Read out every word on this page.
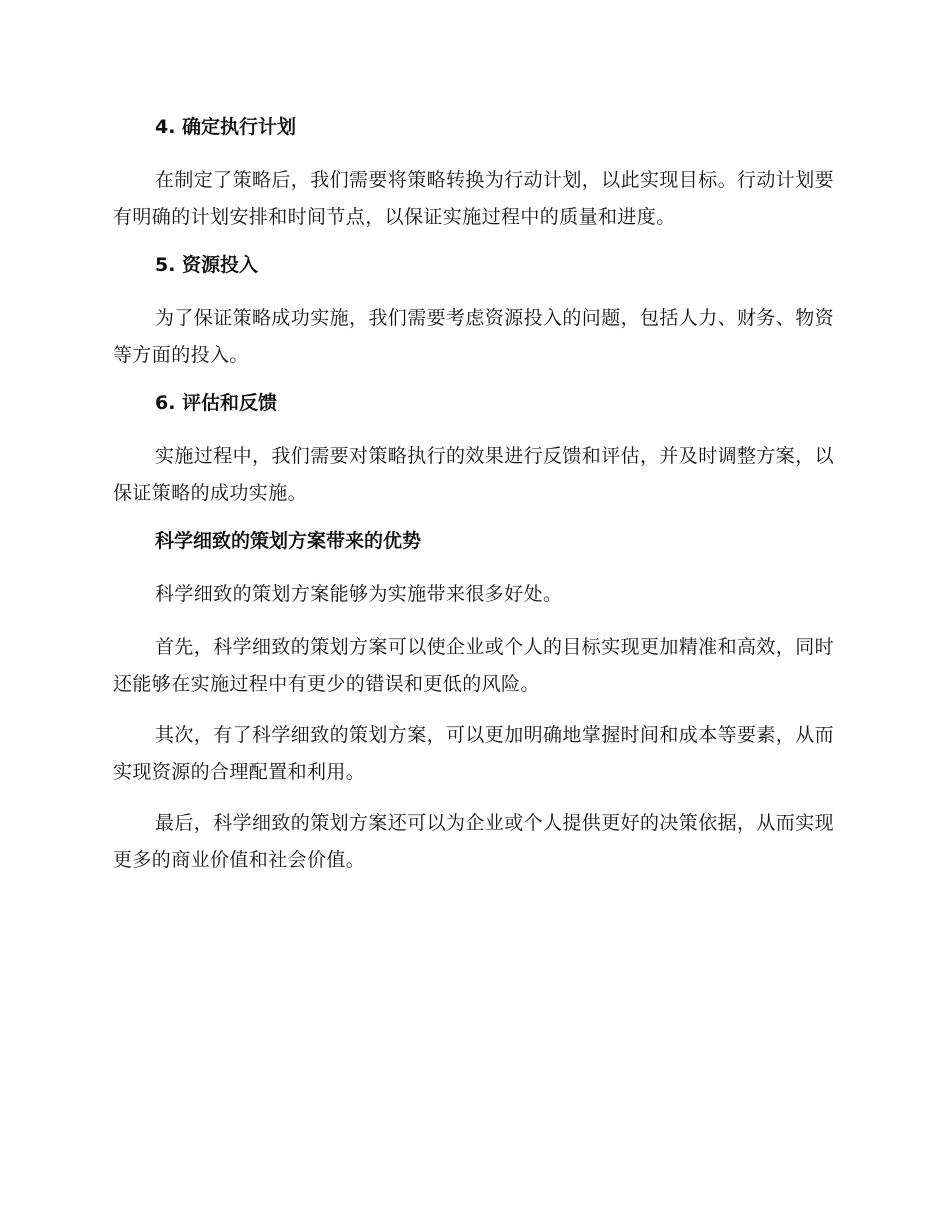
4. 确定执行计划

在制定了策略后，我们需要将策略转换为行动计划，以此实现目标。行动计划要有明确的计划安排和时间节点，以保证实施过程中的质量和进度。

5. 资源投入

为了保证策略成功实施，我们需要考虑资源投入的问题，包括人力、财务、物资等方面的投入。

6. 评估和反馈

实施过程中，我们需要对策略执行的效果进行反馈和评估，并及时调整方案，以保证策略的成功实施。

科学细致的策划方案带来的优势

科学细致的策划方案能够为实施带来很多好处。

首先，科学细致的策划方案可以使企业或个人的目标实现更加精准和高效，同时还能够在实施过程中有更少的错误和更低的风险。

其次，有了科学细致的策划方案，可以更加明确地掌握时间和成本等要素，从而实现资源的合理配置和利用。

最后，科学细致的策划方案还可以为企业或个人提供更好的决策依据，从而实现更多的商业价值和社会价值。
